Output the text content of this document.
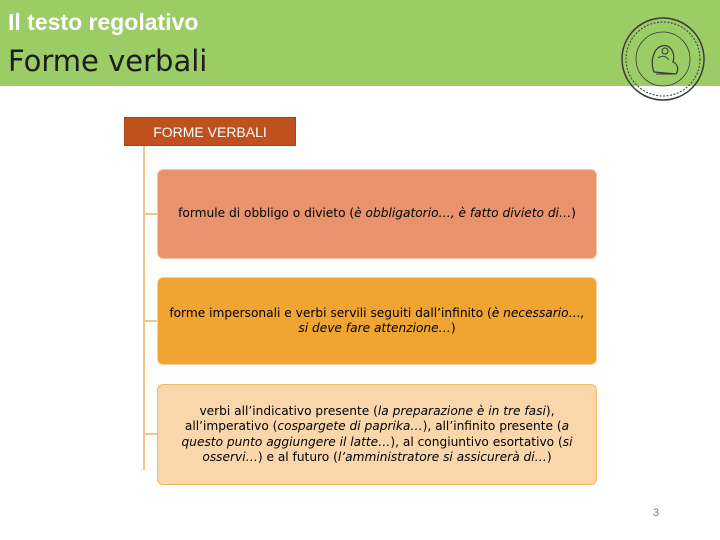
Il testo regolativo
Forme verbali
FORME VERBALI
formule di obbligo o divieto (è obbligatorio…, è fatto divieto di…)
forme impersonali e verbi servili seguiti dall’infinito (è necessario…, si deve fare attenzione…)
verbi all’indicativo presente (la preparazione è in tre fasi), all’imperativo (cospargete di paprika…), all’infinito presente (a questo punto aggiungere il latte…), al congiuntivo esortativo (si osservi…) e al futuro (l’amministratore si assicurerà di…)
3
